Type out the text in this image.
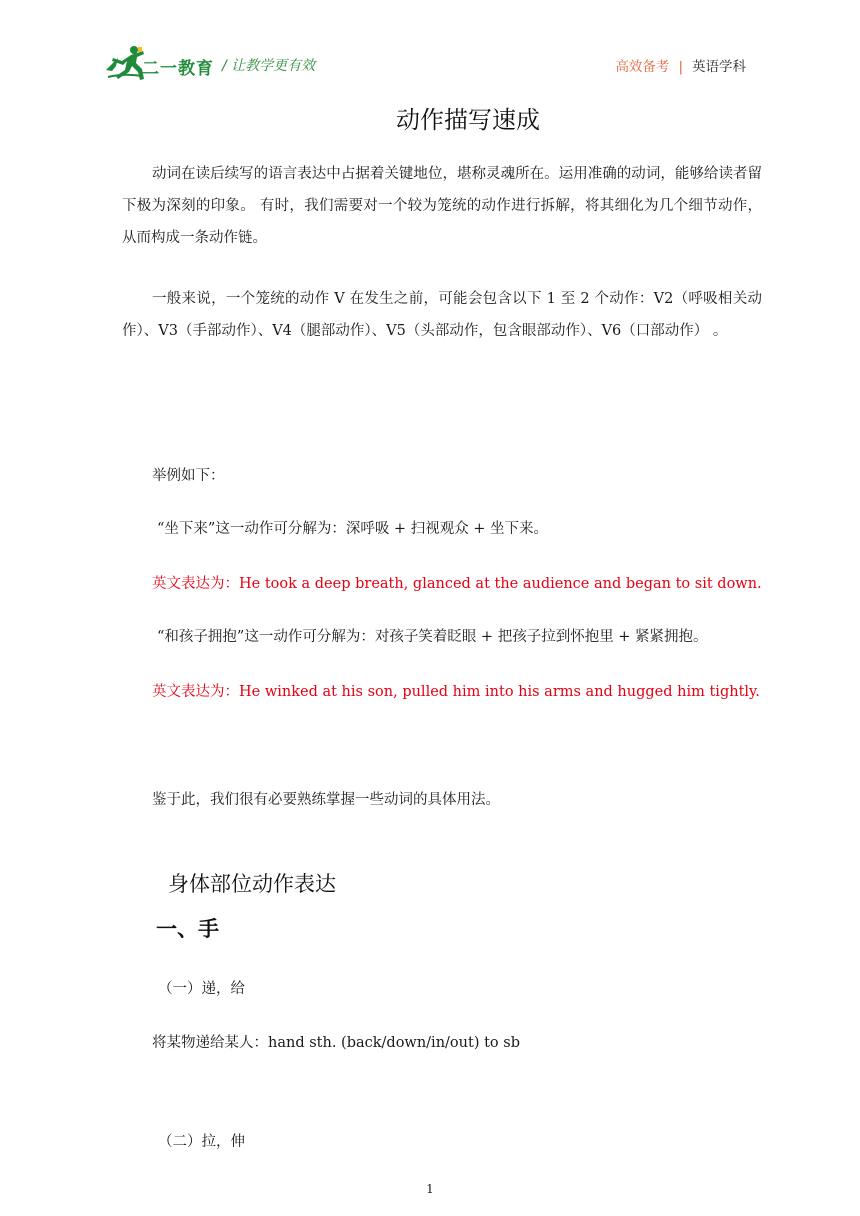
二一教育 / 让教学更有效	高效备考 | 英语学科
动作描写速成

动词在读后续写的语言表达中占据着关键地位，堪称灵魂所在。运用准确的动词，能够给读者留下极为深刻的印象。 有时，我们需要对一个较为笼统的动作进行拆解，将其细化为几个细节动作，从而构成一条动作链。

一般来说，一个笼统的动作 V 在发生之前，可能会包含以下 1 至 2 个动作：V2（呼吸相关动作）、V3（手部动作）、V4（腿部动作）、V5（头部动作，包含眼部动作）、V6（口部动作） 。

举例如下：

“坐下来”这一动作可分解为：深呼吸 + 扫视观众 + 坐下来。

英文表达为：He took a deep breath, glanced at the audience and began to sit down.

“和孩子拥抱”这一动作可分解为：对孩子笑着眨眼 + 把孩子拉到怀抱里 + 紧紧拥抱。

英文表达为：He winked at his son, pulled him into his arms and hugged him tightly.

鉴于此，我们很有必要熟练掌握一些动词的具体用法。

身体部位动作表达
一、手

（一）递，给

将某物递给某人：hand sth. (back/down/in/out) to sb

（二）拉，伸

1
